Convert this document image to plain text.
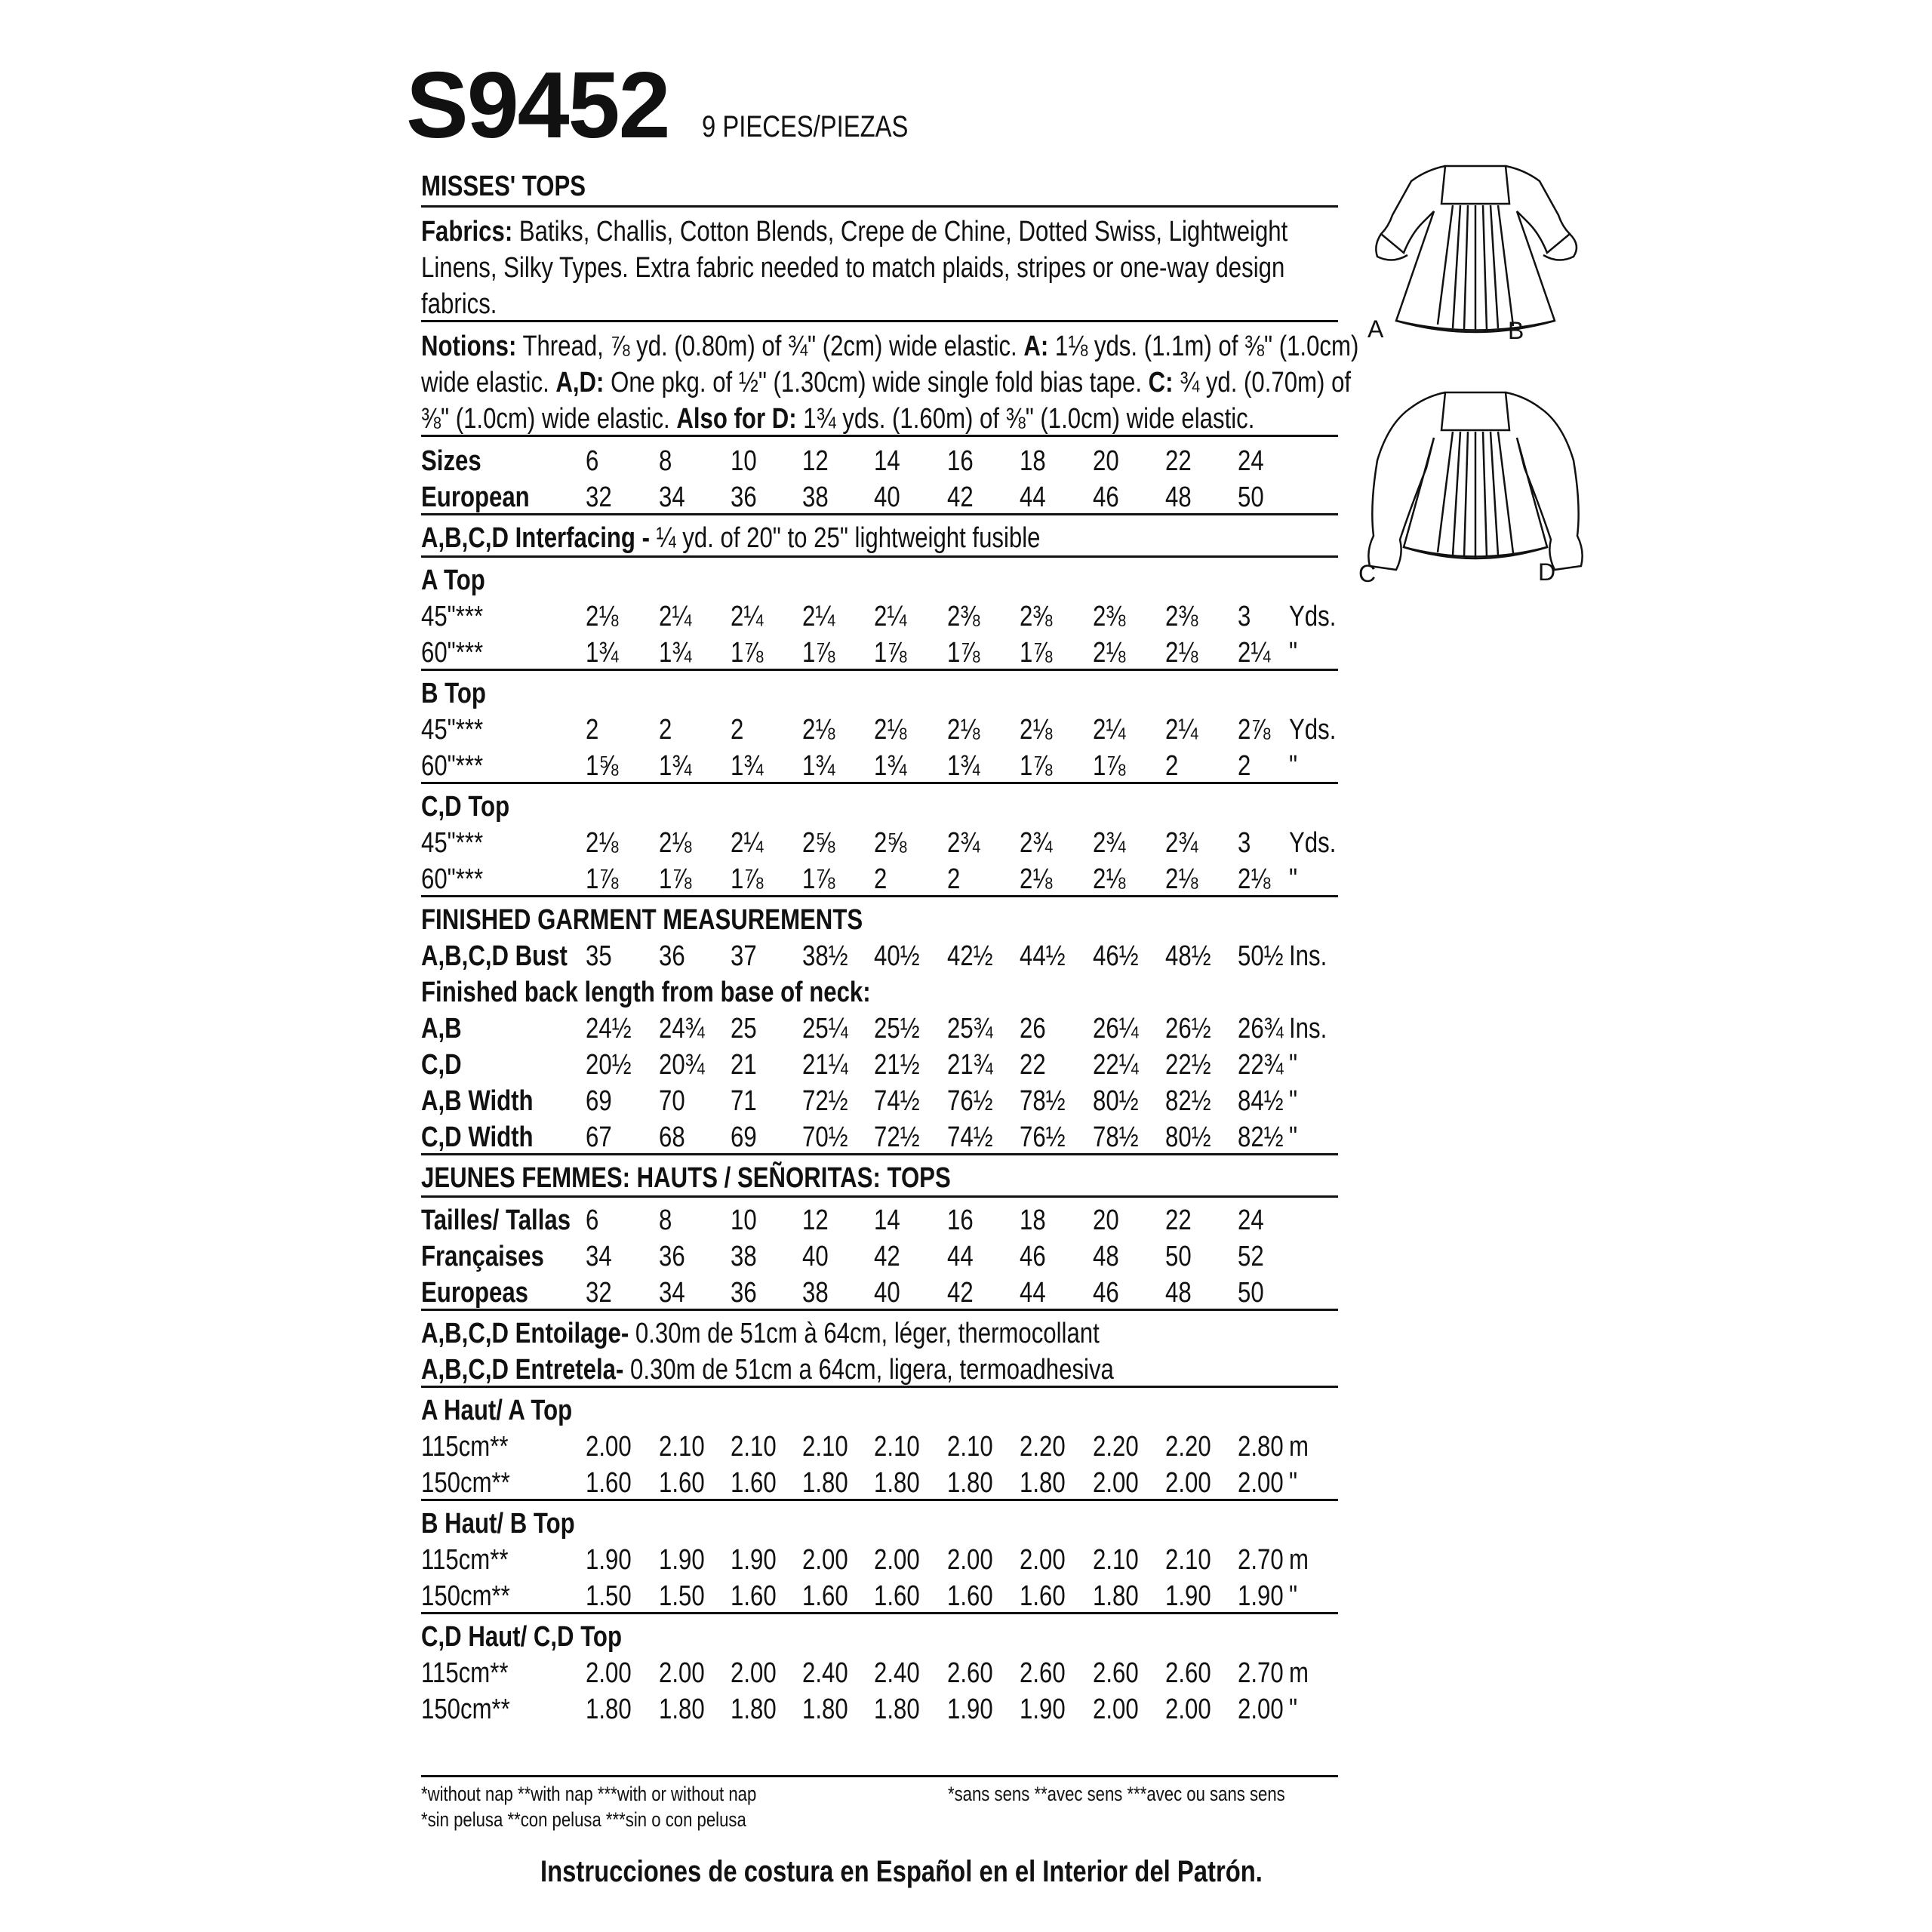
S9452 9 PIECES/PIEZAS
MISSES' TOPS
Fabrics: Batiks, Challis, Cotton Blends, Crepe de Chine, Dotted Swiss, Lightweight
Linens, Silky Types. Extra fabric needed to match plaids, stripes or one-way design
fabrics.
Notions: Thread, ⅞ yd. (0.80m) of ¾" (2cm) wide elastic. A: 1⅛ yds. (1.1m) of ⅜" (1.0cm)
wide elastic. A,D: One pkg. of ½" (1.30cm) wide single fold bias tape. C: ¾ yd. (0.70m) of
⅜" (1.0cm) wide elastic. Also for D: 1¾ yds. (1.60m) of ⅜" (1.0cm) wide elastic.
Sizes	6 8 10 12 14 16 18 20 22 24
European 32 34 36 38 40 42 44 46 48 50
A,B,C,D Interfacing - ¼ yd. of 20" to 25" lightweight fusible
A Top
45"***	2⅛ 2¼ 2¼ 2¼ 2¼ 2⅜ 2⅜ 2⅜ 2⅜ 3 Yds.
60"***	1¾ 1¾ 1⅞ 1⅞ 1⅞ 1⅞ 1⅞ 2⅛ 2⅛ 2¼ "
B Top
45"***	2 2 2 2⅛ 2⅛ 2⅛ 2⅛ 2¼ 2¼ 2⅞ Yds.
60"***	1⅝ 1¾ 1¾ 1¾ 1¾ 1¾ 1⅞ 1⅞ 2 2 "
C,D Top
45"***	2⅛ 2⅛ 2¼ 2⅝ 2⅝ 2¾ 2¾ 2¾ 2¾ 3 Yds.
60"***	1⅞ 1⅞ 1⅞ 1⅞ 2 2 2⅛ 2⅛ 2⅛ 2⅛ "
FINISHED GARMENT MEASUREMENTS
A,B,C,D Bust 35 36 37 38½ 40½ 42½ 44½ 46½ 48½ 50½ Ins.
Finished back length from base of neck:
A,B	24½ 24¾ 25 25¼ 25½ 25¾ 26 26¼ 26½ 26¾ Ins.
C,D	20½ 20¾ 21 21¼ 21½ 21¾ 22 22¼ 22½ 22¾ "
A,B Width 69 70 71 72½ 74½ 76½ 78½ 80½ 82½ 84½ "
C,D Width 67 68 69 70½ 72½ 74½ 76½ 78½ 80½ 82½ "
JEUNES FEMMES: HAUTS / SEÑORITAS: TOPS
Tailles/ Tallas 6 8 10 12 14 16 18 20 22 24
Françaises 34 36 38 40 42 44 46 48 50 52
Europeas 32 34 36 38 40 42 44 46 48 50
A,B,C,D Entoilage- 0.30m de 51cm à 64cm, léger, thermocollant
A,B,C,D Entretela- 0.30m de 51cm a 64cm, ligera, termoadhesiva
A Haut/ A Top
115cm**	2.00 2.10 2.10 2.10 2.10 2.10 2.20 2.20 2.20 2.80 m
150cm**	1.60 1.60 1.60 1.80 1.80 1.80 1.80 2.00 2.00 2.00 "
B Haut/ B Top
115cm**	1.90 1.90 1.90 2.00 2.00 2.00 2.00 2.10 2.10 2.70 m
150cm**	1.50 1.50 1.60 1.60 1.60 1.60 1.60 1.80 1.90 1.90 "
C,D Haut/ C,D Top
115cm**	2.00 2.00 2.00 2.40 2.40 2.60 2.60 2.60 2.60 2.70 m
150cm**	1.80 1.80 1.80 1.80 1.80 1.90 1.90 2.00 2.00 2.00 "
A	B
C	D
*without nap **with nap ***with or without nap	*sans sens **avec sens ***avec ou sans sens
*sin pelusa **con pelusa ***sin o con pelusa
Instrucciones de costura en Español en el Interior del Patrón.
